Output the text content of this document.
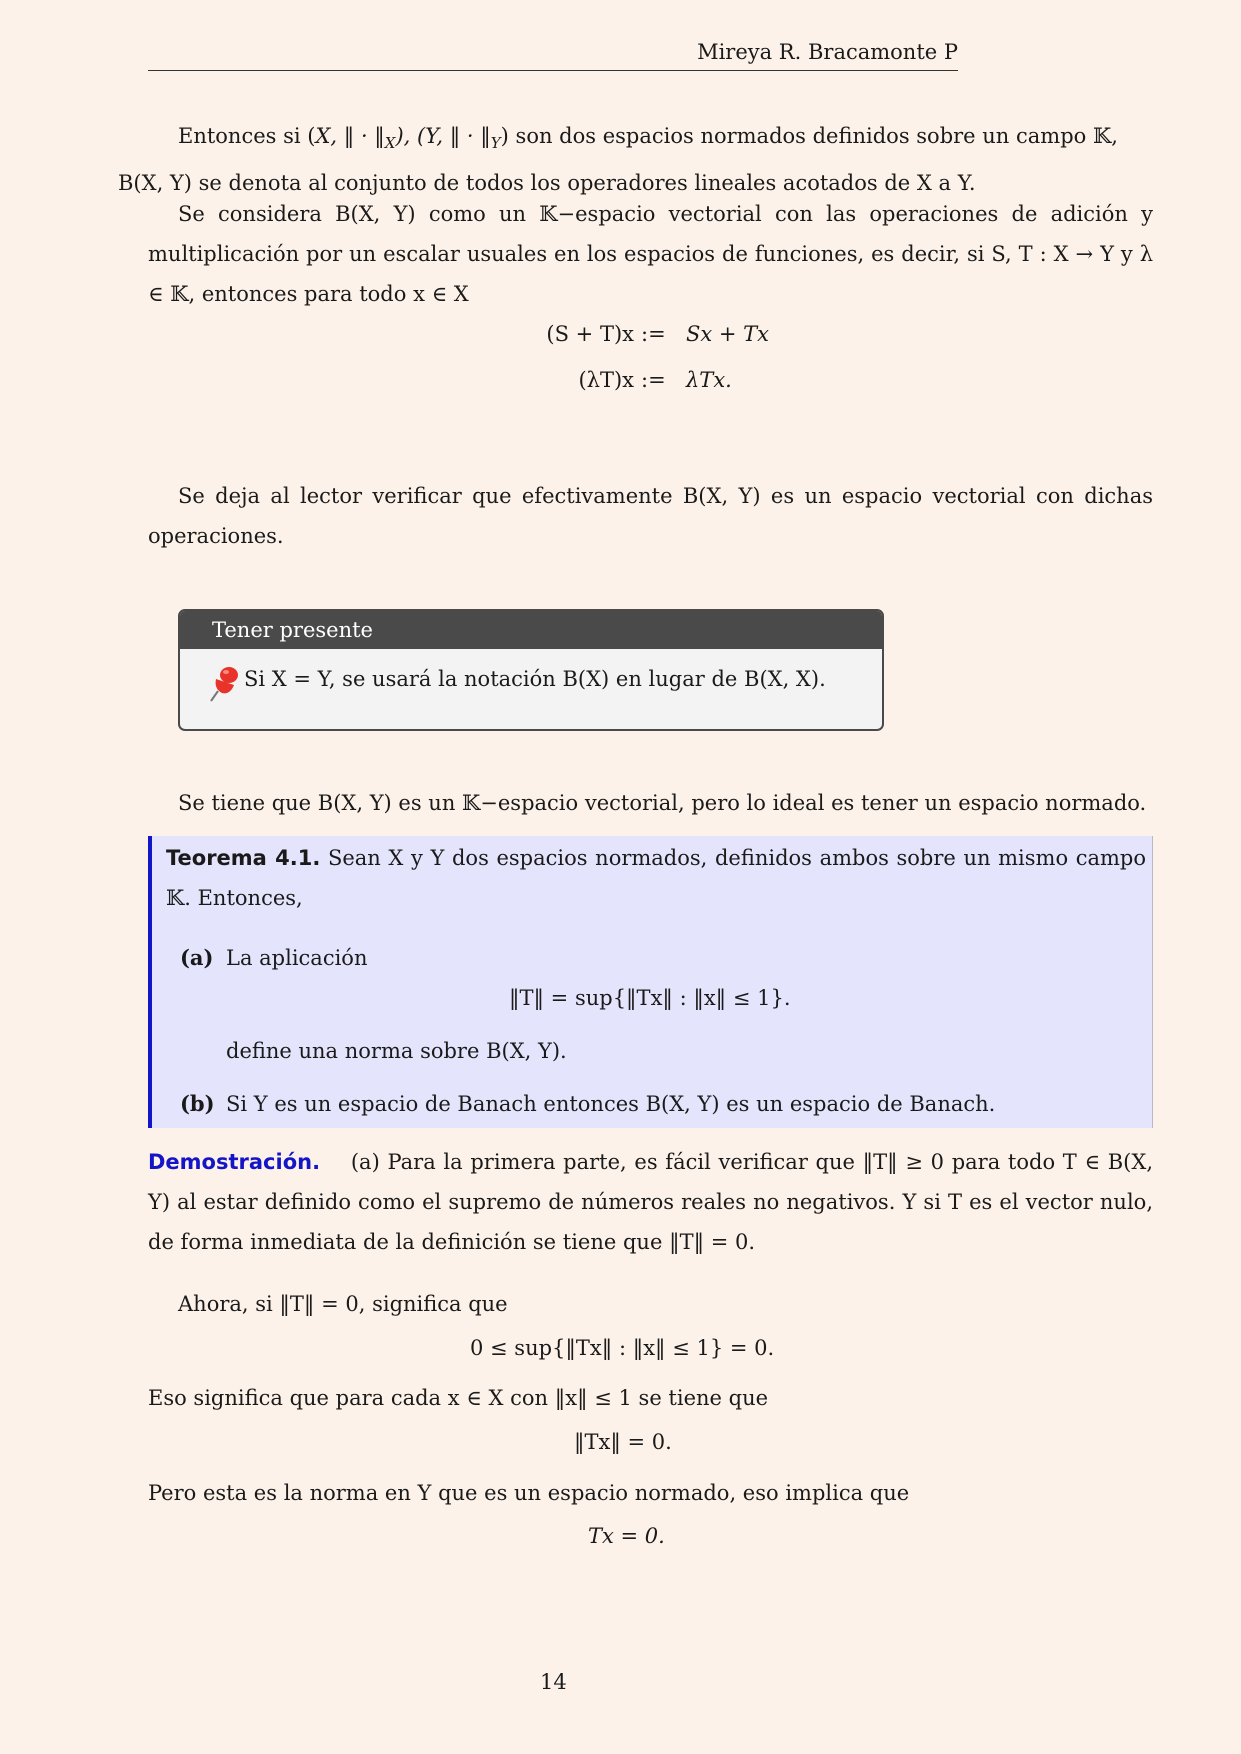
Mireya R. Bracamonte P
Entonces si (X, ‖ · $‖_X$), (Y, ‖ · $‖_Y$) son dos espacios normados definidos sobre un campo 𝕂,
B(X, Y) se denota al conjunto de todos los operadores lineales acotados de X a Y.
Se considera B(X, Y) como un 𝕂−espacio vectorial con las operaciones de adición y multiplicación por un escalar usuales en los espacios de funciones, es decir, si S, T : X → Y y λ ∈ 𝕂, entonces para todo x ∈ X
(S + T)x := Sx + Tx
(λT)x := λTx.
Se deja al lector verificar que efectivamente B(X, Y) es un espacio vectorial con dichas operaciones.
Tener presente
Si X = Y, se usará la notación B(X) en lugar de B(X, X).
Se tiene que B(X, Y) es un 𝕂−espacio vectorial, pero lo ideal es tener un espacio normado.
Teorema 4.1. Sean X y Y dos espacios normados, definidos ambos sobre un mismo campo 𝕂. Entonces,
(a) La aplicación
‖T‖ = sup{‖Tx‖ : ‖x‖ ≤ 1}.
define una norma sobre B(X, Y).
(b) Si Y es un espacio de Banach entonces B(X, Y) es un espacio de Banach.
Demostración. (a) Para la primera parte, es fácil verificar que ‖T‖ ≥ 0 para todo T ∈ B(X, Y) al estar definido como el supremo de números reales no negativos. Y si T es el vector nulo, de forma inmediata de la definición se tiene que ‖T‖ = 0.
Ahora, si ‖T‖ = 0, significa que
0 ≤ sup{‖Tx‖ : ‖x‖ ≤ 1} = 0.
Eso significa que para cada x ∈ X con ‖x‖ ≤ 1 se tiene que
‖Tx‖ = 0.
Pero esta es la norma en Y que es un espacio normado, eso implica que
Tx = 0.
14
